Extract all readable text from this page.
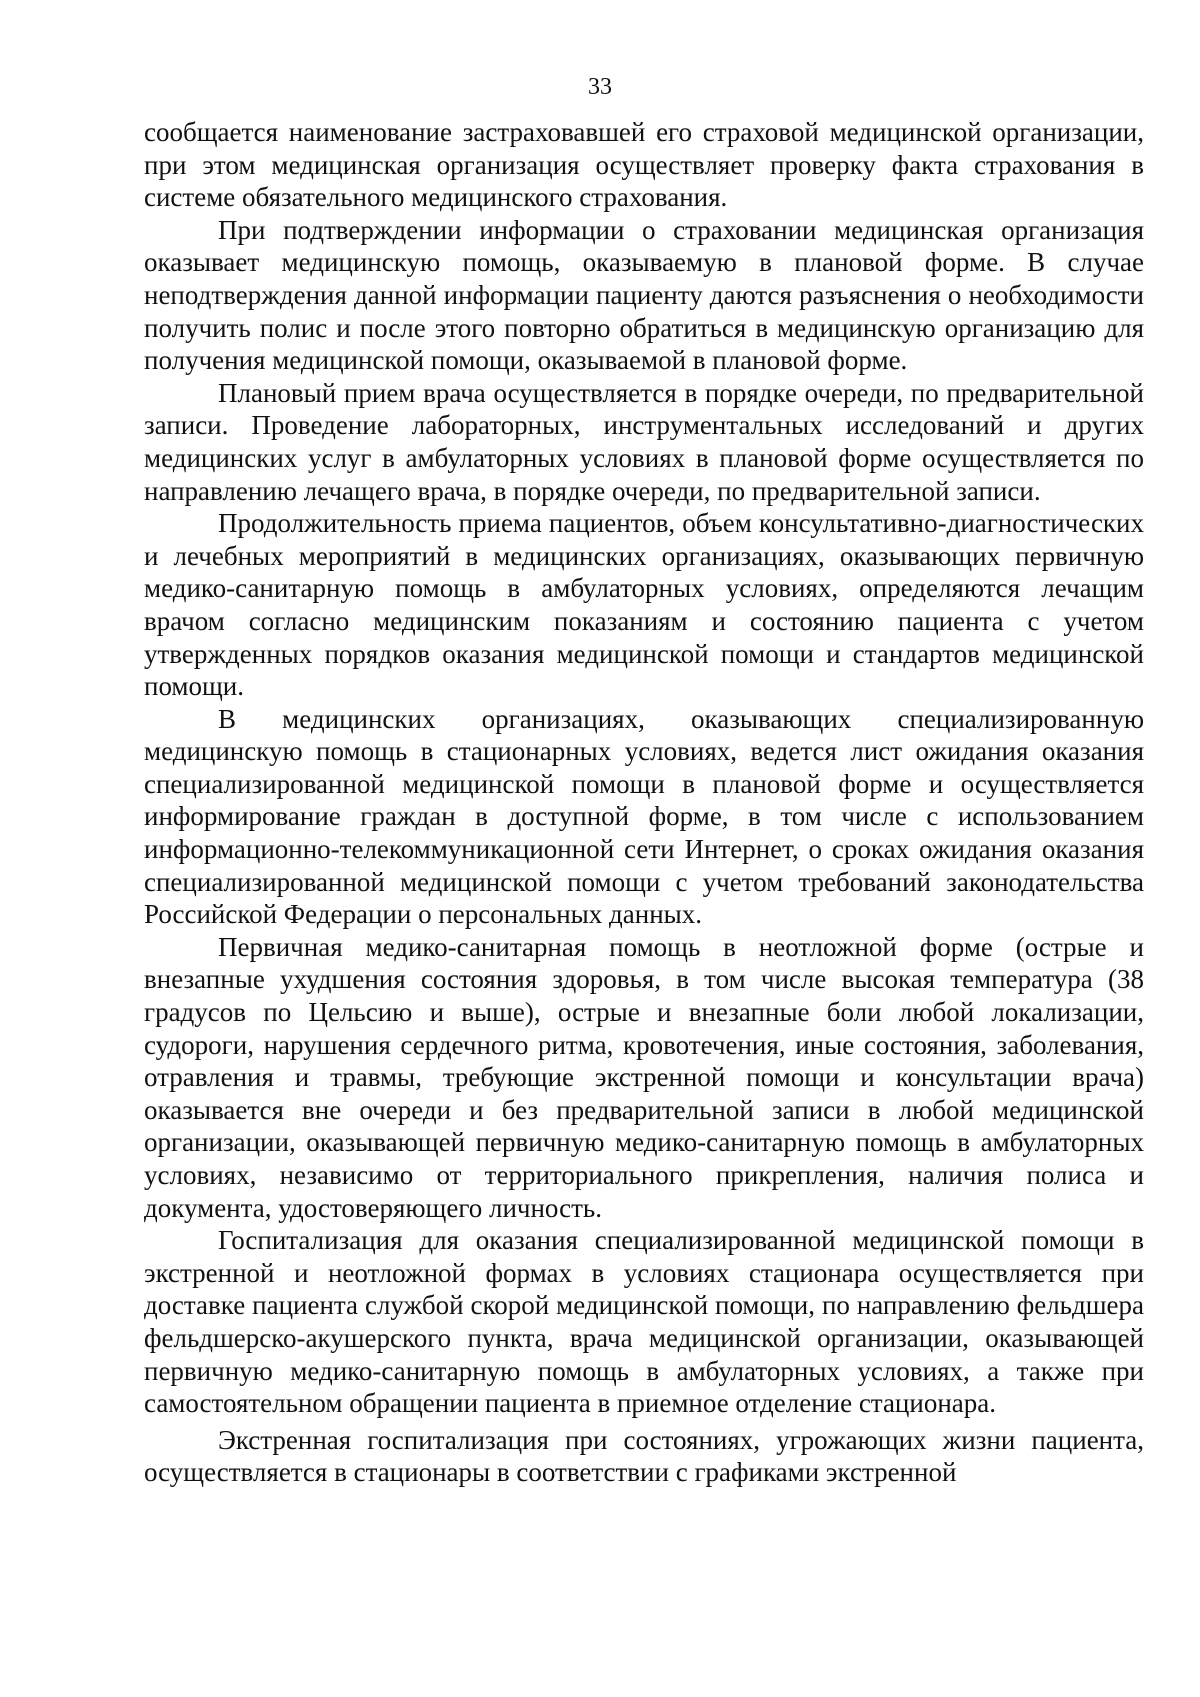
33

сообщается наименование застраховавшей его страховой медицинской организации, при этом медицинская организация осуществляет проверку факта страхования в системе обязательного медицинского страхования.

При подтверждении информации о страховании медицинская организация оказывает медицинскую помощь, оказываемую в плановой форме. В случае неподтверждения данной информации пациенту даются разъяснения о необходимости получить полис и после этого повторно обратиться в медицинскую организацию для получения медицинской помощи, оказываемой в плановой форме.

Плановый прием врача осуществляется в порядке очереди, по предварительной записи. Проведение лабораторных, инструментальных исследований и других медицинских услуг в амбулаторных условиях в плановой форме осуществляется по направлению лечащего врача, в порядке очереди, по предварительной записи.

Продолжительность приема пациентов, объем консультативно-диагностических и лечебных мероприятий в медицинских организациях, оказывающих первичную медико-санитарную помощь в амбулаторных условиях, определяются лечащим врачом согласно медицинским показаниям и состоянию пациента с учетом утвержденных порядков оказания медицинской помощи и стандартов медицинской помощи.

В медицинских организациях, оказывающих специализированную медицинскую помощь в стационарных условиях, ведется лист ожидания оказания специализированной медицинской помощи в плановой форме и осуществляется информирование граждан в доступной форме, в том числе с использованием информационно-телекоммуникационной сети Интернет, о сроках ожидания оказания специализированной медицинской помощи с учетом требований законодательства Российской Федерации о персональных данных.

Первичная медико-санитарная помощь в неотложной форме (острые и внезапные ухудшения состояния здоровья, в том числе высокая температура (38 градусов по Цельсию и выше), острые и внезапные боли любой локализации, судороги, нарушения сердечного ритма, кровотечения, иные состояния, заболевания, отравления и травмы, требующие экстренной помощи и консультации врача) оказывается вне очереди и без предварительной записи в любой медицинской организации, оказывающей первичную медико-санитарную помощь в амбулаторных условиях, независимо от территориального прикрепления, наличия полиса и документа, удостоверяющего личность.

Госпитализация для оказания специализированной медицинской помощи в экстренной и неотложной формах в условиях стационара осуществляется при доставке пациента службой скорой медицинской помощи, по направлению фельдшера фельдшерско-акушерского пункта, врача медицинской организации, оказывающей первичную медико-санитарную помощь в амбулаторных условиях, а также при самостоятельном обращении пациента в приемное отделение стационара.

Экстренная госпитализация при состояниях, угрожающих жизни пациента, осуществляется в стационары в соответствии с графиками экстренной
